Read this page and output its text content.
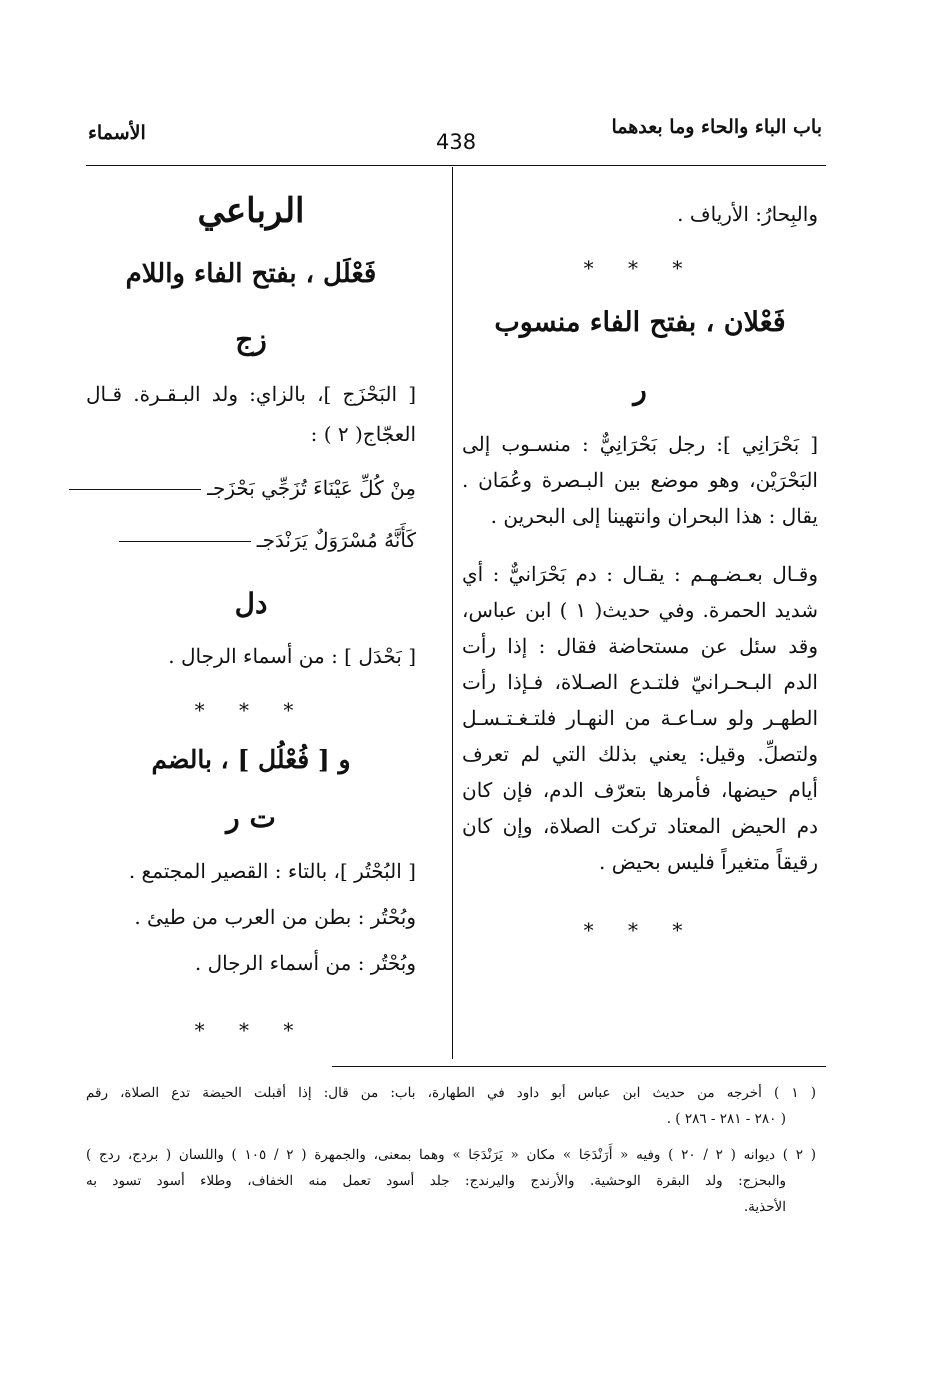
باب الباء والحاء وما بعدهما
438
الأسماء
والبِحارُ: الأرياف .
* * *
فَعْلان ، بفتح الفاء منسوب
ر
[ بَحْرَانِي ]: رجل بَحْرَانِيٌّ : منسـوب إلى
البَحْرَيْن، وهو موضع بين البـصرة وعُمَان .
يقال : هذا البحران وانتهينا إلى البحرين .
وقـال بعـضـهـم : يقـال : دم بَحْرَانيٌّ : أي
شديد الحمرة. وفي حديث( ١ ) ابن عباس،
وقد سئل عن مستحاضة فقال : إذا رأت
الدم البـحـرانيّ فلتـدع الصـلاة، فـإذا رأت
الطهـر ولو سـاعـة من النهـار فلتـغـتـسـل
ولتصلِّ. وقيل: يعني بذلك التي لم تعرف
أيام حيضها، فأمرها بتعرّف الدم، فإن كان
دم الحيض المعتاد تركت الصلاة، وإن كان
رقيقاً متغيراً فليس بحيض .
* * *
الرباعي
فَعْلَل ، بفتح الفاء واللام
زج
[ البَحْزَج ]، بالزاي: ولد البـقـرة. قـال
العجّاج( ٢ ) :
مِنْ كُلِّ عَيْنَاءَ تُزَجِّي بَحْزَجـ
كَأَنَّهُ مُسْرَوَلٌ يَرَنْدَجـ
دل
[ بَحْدَل ] : من أسماء الرجال .
* * *
و [ فُعْلُل ] ، بالضم
ت ر
[ البُحْتُر ]، بالتاء : القصير المجتمع .
وبُحْتُر : بطن من العرب من طيئ .
وبُحْتُر : من أسماء الرجال .
* * *
( ١ ) أخرجه من حديث ابن عباس أبو داود في الطهارة، باب: من قال: إذا أقبلت الحيضة تدع الصلاة، رقم
( ٢٨٠ - ٢٨١ - ٢٨٦ ) .
( ٢ ) ديوانه ( ٢ / ٢٠ ) وفيه « أَرَنْدَجَا » مكان « يَرَنْدَجَا » وهما بمعنى، والجمهرة ( ٢ / ١٠٥ ) واللسان ( بردج، ردج )
والبحزج: ولد البقرة الوحشية. والأرندج واليرندج: جلد أسود تعمل منه الخفاف، وطلاء أسود تسود به
الأحذية.
